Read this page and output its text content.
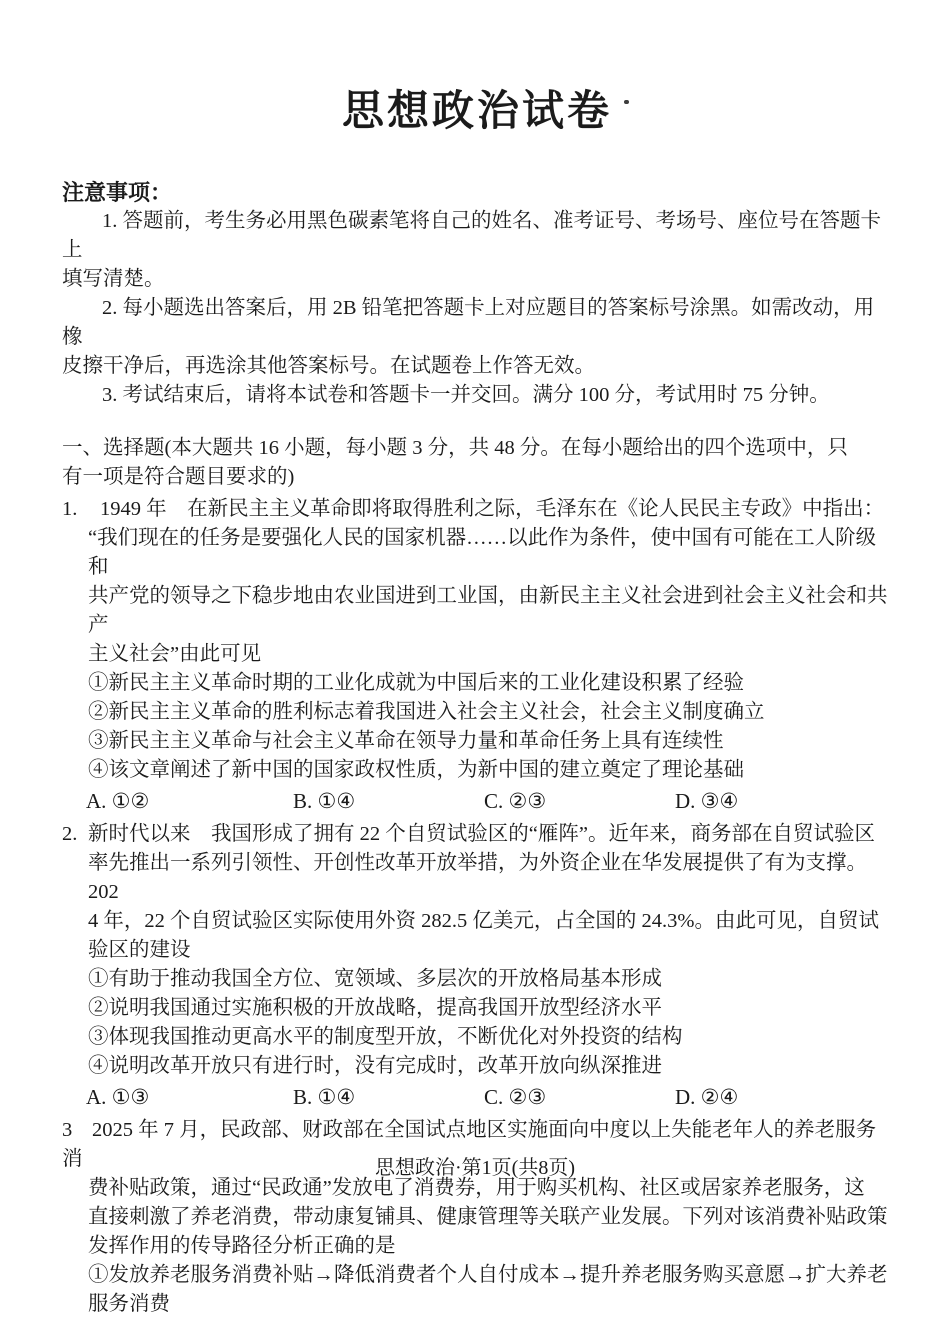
思想政治试卷
注意事项：

1. 答题前，考生务必用黑色碳素笔将自己的姓名、准考证号、考场号、座位号在答题卡上

填写清楚。

2. 每小题选出答案后，用 2B 铅笔把答题卡上对应题目的答案标号涂黑。如需改动，用橡

皮擦干净后，再选涂其他答案标号。在试题卷上作答无效。

3. 考试结束后，请将本试卷和答题卡一并交回。满分 100 分，考试用时 75 分钟。

一、选择题(本大题共 16 小题，每小题 3 分，共 48 分。在每小题给出的四个选项中，只

有一项是符合题目要求的)

1. 1949 年　在新民主主义革命即将取得胜利之际，毛泽东在《论人民民主专政》中指出：

“我们现在的任务是要强化人民的国家机器……以此作为条件，使中国有可能在工人阶级和

共产党的领导之下稳步地由农业国进到工业国，由新民主主义社会进到社会主义社会和共产

主义社会”由此可见

①新民主主义革命时期的工业化成就为中国后来的工业化建设积累了经验

②新民主主义革命的胜利标志着我国进入社会主义社会，社会主义制度确立

③新民主主义革命与社会主义革命在领导力量和革命任务上具有连续性

④该文章阐述了新中国的国家政权性质，为新中国的建立奠定了理论基础

A. ①②	B. ①④	C. ②③	D. ③④

2. 新时代以来　我国形成了拥有 22 个自贸试验区的“雁阵”。近年来，商务部在自贸试验区

率先推出一系列引领性、开创性改革开放举措，为外资企业在华发展提供了有为支撑。202

4 年，22 个自贸试验区实际使用外资 282.5 亿美元，占全国的 24.3%。由此可见，自贸试

验区的建设

①有助于推动我国全方位、宽领域、多层次的开放格局基本形成

②说明我国通过实施积极的开放战略，提高我国开放型经济水平

③体现我国推动更高水平的制度型开放，不断优化对外投资的结构

④说明改革开放只有进行时，没有完成时，改革开放向纵深推进

A. ①③	B. ①④	C. ②③	D. ②④

3 2025 年 7 月，民政部、财政部在全国试点地区实施面向中度以上失能老年人的养老服务消

费补贴政策，通过“民政通”发放电了消费券，用于购买机构、社区或居家养老服务，这

直接刺激了养老消费，带动康复铺具、健康管理等关联产业发展。下列对该消费补贴政策

发挥作用的传导路径分析正确的是

①发放养老服务消费补贴→降低消费者个人自付成本→提升养老服务购买意愿→扩大养老

服务消费

思想政治·第1页(共8页)
